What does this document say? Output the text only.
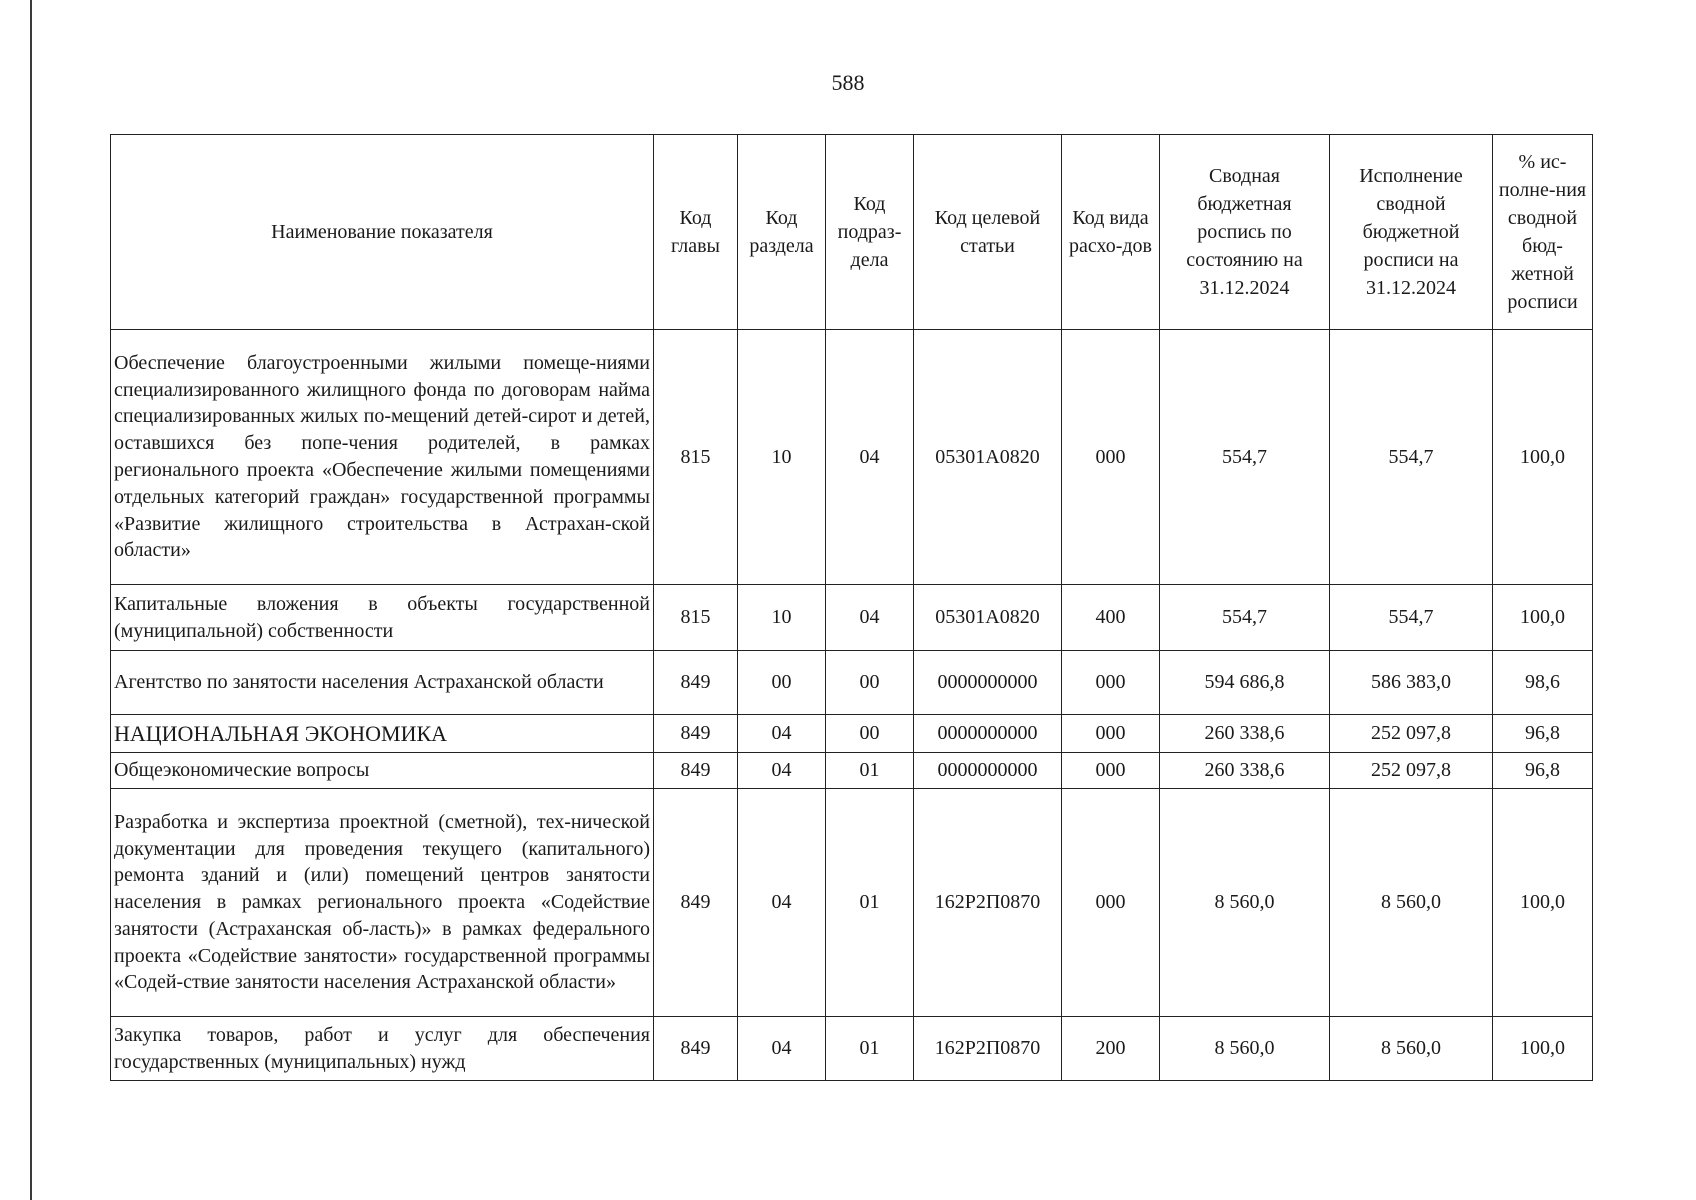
588
Наименование показателя	Код главы	Код раздела	Код подраз-дела	Код целевой статьи	Код вида расхо-дов	Сводная бюджетная роспись по состоянию на 31.12.2024	Исполнение сводной бюджетной росписи на 31.12.2024	% ис-полне-ния сводной бюд-жетной росписи
Обеспечение благоустроенными жилыми помеще-ниями специализированного жилищного фонда по договорам найма специализированных жилых по-мещений детей-сирот и детей, оставшихся без попе-чения родителей, в рамках регионального проекта «Обеспечение жилыми помещениями отдельных категорий граждан» государственной программы «Развитие жилищного строительства в Астрахан-ской области»	815	10	04	05301А0820	000	554,7	554,7	100,0
Капитальные вложения в объекты государственной (муниципальной) собственности	815	10	04	05301А0820	400	554,7	554,7	100,0
Агентство по занятости населения Астраханской области	849	00	00	0000000000	000	594 686,8	586 383,0	98,6
НАЦИОНАЛЬНАЯ ЭКОНОМИКА	849	04	00	0000000000	000	260 338,6	252 097,8	96,8
Общеэкономические вопросы	849	04	01	0000000000	000	260 338,6	252 097,8	96,8
Разработка и экспертиза проектной (сметной), тех-нической документации для проведения текущего (капитального) ремонта зданий и (или) помещений центров занятости населения в рамках регионального проекта «Содействие занятости (Астраханская об-ласть)» в рамках федерального проекта «Содействие занятости» государственной программы «Содей-ствие занятости населения Астраханской области»	849	04	01	162Р2П0870	000	8 560,0	8 560,0	100,0
Закупка товаров, работ и услуг для обеспечения государственных (муниципальных) нужд	849	04	01	162Р2П0870	200	8 560,0	8 560,0	100,0
